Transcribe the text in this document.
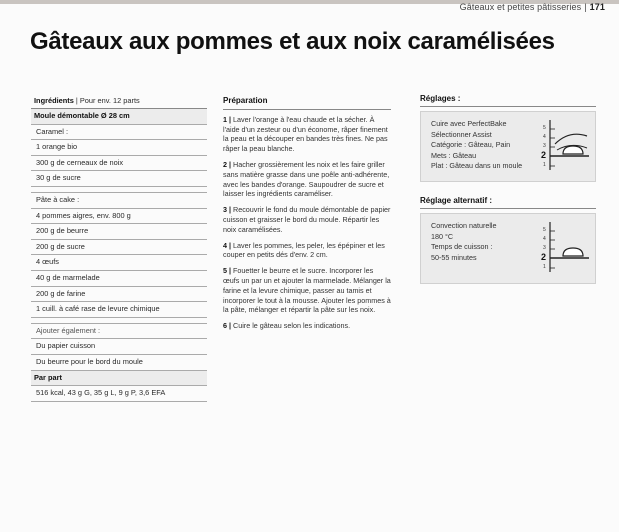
Gâteaux et petites pâtisseries | 171
Gâteaux aux pommes et aux noix caramélisées
Ingrédients | Pour env. 12 parts
Moule démontable Ø 28 cm
Caramel :
1 orange bio
300 g de cerneaux de noix
30 g de sucre
Pâte à cake :
4 pommes aigres, env. 800 g
200 g de beurre
200 g de sucre
4 œufs
40 g de marmelade
200 g de farine
1 cuill. à café rase de levure chimique
Ajouter également :
Du papier cuisson
Du beurre pour le bord du moule
Par part
516 kcal, 43 g G, 35 g L, 9 g P, 3,6 EFA
Préparation
1 | Laver l'orange à l'eau chaude et la sécher. À l'aide d'un zesteur ou d'un économe, râper finement la peau et la découper en bandes très fines. Ne pas râper la peau blanche.
2 | Hacher grossièrement les noix et les faire griller sans matière grasse dans une poêle anti-adhérente, avec les bandes d'orange. Saupoudrer de sucre et laisser les ingrédients caraméliser.
3 | Recouvrir le fond du moule démontable de papier cuisson et graisser le bord du moule. Répartir les noix caramélisées.
4 | Laver les pommes, les peler, les épépiner et les couper en petits dés d'env. 2 cm.
5 | Fouetter le beurre et le sucre. Incorporer les œufs un par un et ajouter la marmelade. Mélanger la farine et la levure chimique, passer au tamis et incorporer le tout à la mousse. Ajouter les pommes à la pâte, mélanger et répartir la pâte sur les noix.
6 | Cuire le gâteau selon les indications.
Réglages :
Cuire avec PerfectBake
Sélectionner Assist
Catégorie : Gâteau, Pain
Mets : Gâteau
Plat : Gâteau dans un moule
5
4
3
2
1
Réglage alternatif :
Convection naturelle
180 °C
Temps de cuisson :
50-55 minutes
5
4
3
2
1
